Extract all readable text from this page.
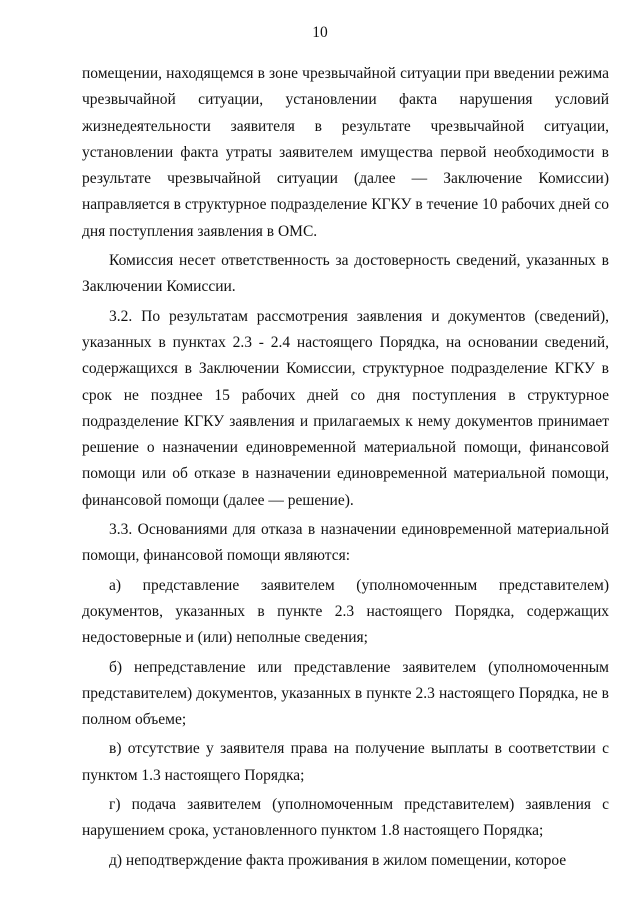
10

помещении, находящемся в зоне чрезвычайной ситуации при введении режима чрезвычайной ситуации, установлении факта нарушения условий жизнедеятельности заявителя в результате чрезвычайной ситуации, установлении факта утраты заявителем имущества первой необходимости в результате чрезвычайной ситуации (далее — Заключение Комиссии) направляется в структурное подразделение КГКУ в течение 10 рабочих дней со дня поступления заявления в ОМС.

Комиссия несет ответственность за достоверность сведений, указанных в Заключении Комиссии.

3.2. По результатам рассмотрения заявления и документов (сведений), указанных в пунктах 2.3 - 2.4 настоящего Порядка, на основании сведений, содержащихся в Заключении Комиссии, структурное подразделение КГКУ в срок не позднее 15 рабочих дней со дня поступления в структурное подразделение КГКУ заявления и прилагаемых к нему документов принимает решение о назначении единовременной материальной помощи, финансовой помощи или об отказе в назначении единовременной материальной помощи, финансовой помощи (далее — решение).

3.3. Основаниями для отказа в назначении единовременной материальной помощи, финансовой помощи являются:

а) представление заявителем (уполномоченным представителем) документов, указанных в пункте 2.3 настоящего Порядка, содержащих недостоверные и (или) неполные сведения;

б) непредставление или представление заявителем (уполномоченным представителем) документов, указанных в пункте 2.3 настоящего Порядка, не в полном объеме;

в) отсутствие у заявителя права на получение выплаты в соответствии с пунктом 1.3 настоящего Порядка;

г) подача заявителем (уполномоченным представителем) заявления с нарушением срока, установленного пунктом 1.8 настоящего Порядка;

д) неподтверждение факта проживания в жилом помещении, которое
